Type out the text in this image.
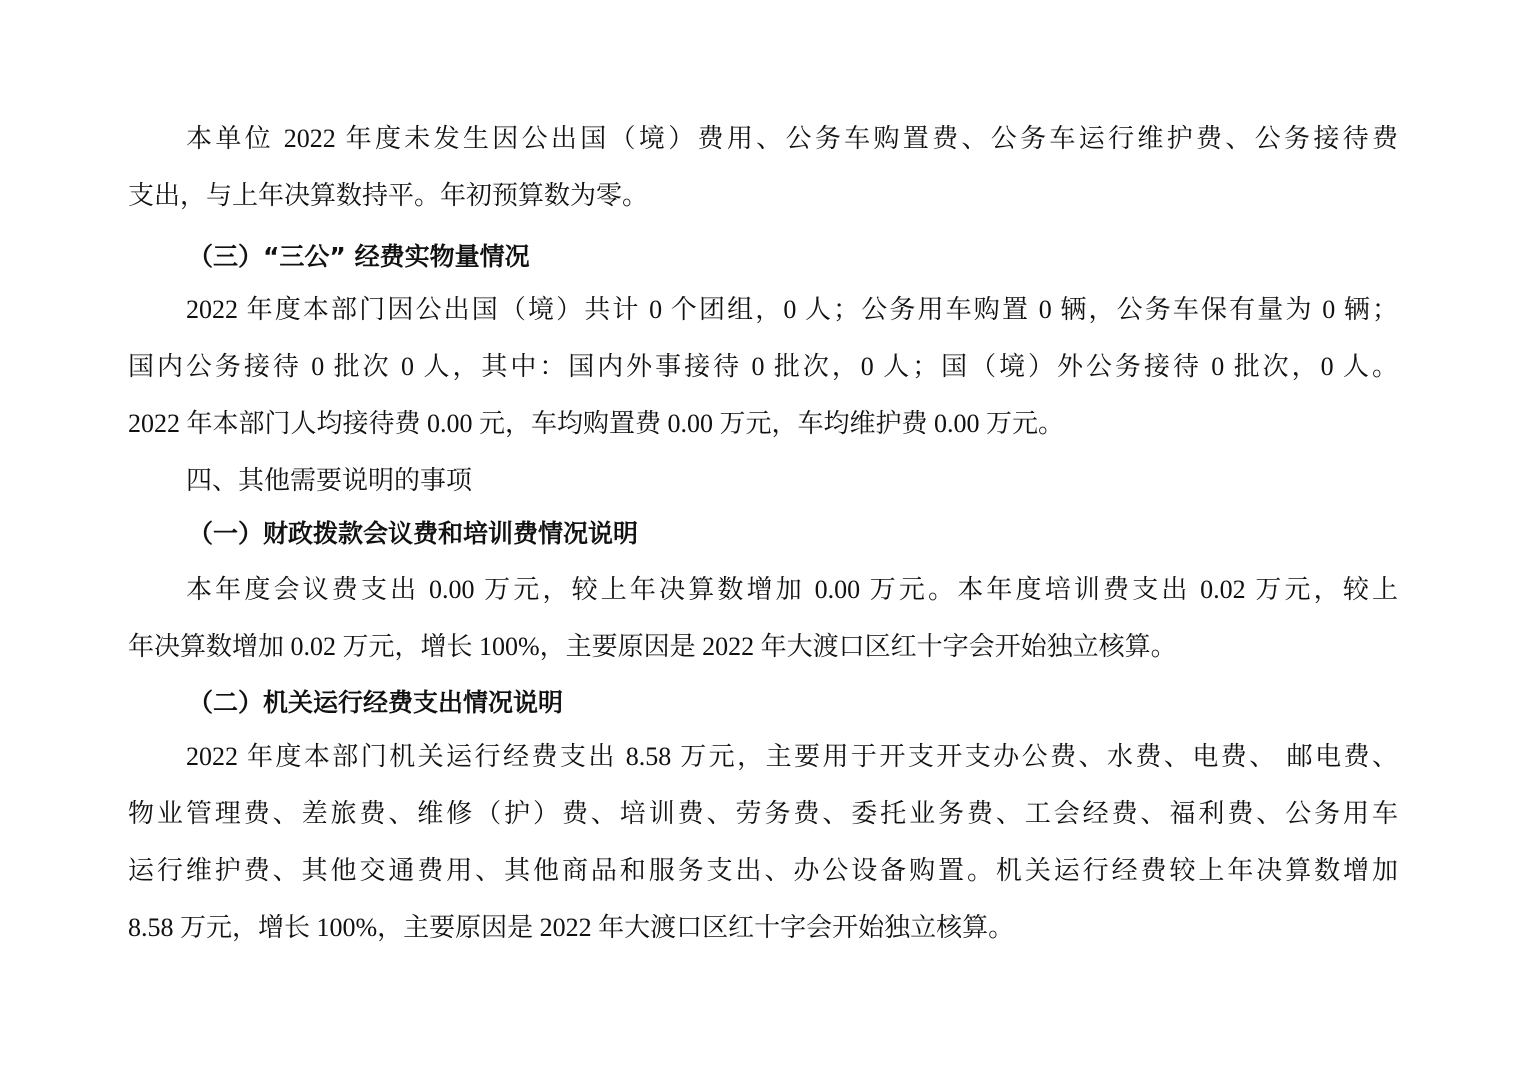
本单位 2022 年度未发生因公出国（境）费用、公务车购置费、公务车运行维护费、公务接待费
支出，与上年决算数持平。年初预算数为零。
（三）“三公” 经费实物量情况
2022 年度本部门因公出国（境）共计 0 个团组，0 人；公务用车购置 0 辆，公务车保有量为 0 辆；
国内公务接待 0 批次 0 人，其中：国内外事接待 0 批次，0 人；国（境）外公务接待 0 批次，0 人。
2022 年本部门人均接待费 0.00 元，车均购置费 0.00 万元，车均维护费 0.00 万元。
四、其他需要说明的事项
（一）财政拨款会议费和培训费情况说明
本年度会议费支出 0.00 万元，较上年决算数增加 0.00 万元。本年度培训费支出 0.02 万元，较上
年决算数增加 0.02 万元，增长 100%，主要原因是 2022 年大渡口区红十字会开始独立核算。
（二）机关运行经费支出情况说明
2022 年度本部门机关运行经费支出 8.58 万元，主要用于开支开支办公费、水费、电费、 邮电费、
物业管理费、差旅费、维修（护）费、培训费、劳务费、委托业务费、工会经费、福利费、公务用车
运行维护费、其他交通费用、其他商品和服务支出、办公设备购置。机关运行经费较上年决算数增加
8.58 万元，增长 100%，主要原因是 2022 年大渡口区红十字会开始独立核算。
